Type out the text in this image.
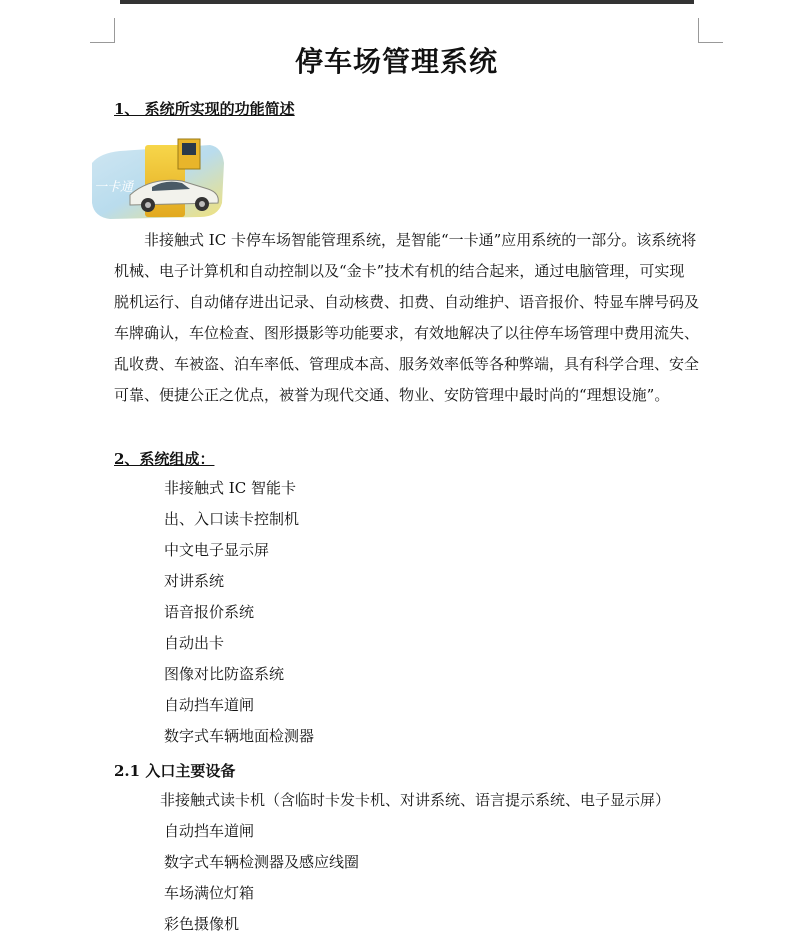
停车场管理系统
1、 系统所实现的功能简述
一卡通

非接触式 IC 卡停车场智能管理系统，是智能“一卡通”应用系统的一部分。该系统将机械、电子计算机和自动控制以及“金卡”技术有机的结合起来，通过电脑管理，可实现脱机运行、自动储存进出记录、自动核费、扣费、自动维护、语音报价、特显车牌号码及车牌确认，车位检查、图形摄影等功能要求，有效地解决了以往停车场管理中费用流失、乱收费、车被盗、泊车率低、管理成本高、服务效率低等各种弊端，具有科学合理、安全可靠、便捷公正之优点，被誉为现代交通、物业、安防管理中最时尚的“理想设施”。

2、系统组成：
非接触式 IC 智能卡
出、入口读卡控制机
中文电子显示屏
对讲系统
语音报价系统
自动出卡
图像对比防盗系统
自动挡车道闸
数字式车辆地面检测器
2.1 入口主要设备
非接触式读卡机（含临时卡发卡机、对讲系统、语言提示系统、电子显示屏）
自动挡车道闸
数字式车辆检测器及感应线圈
车场满位灯箱
彩色摄像机
